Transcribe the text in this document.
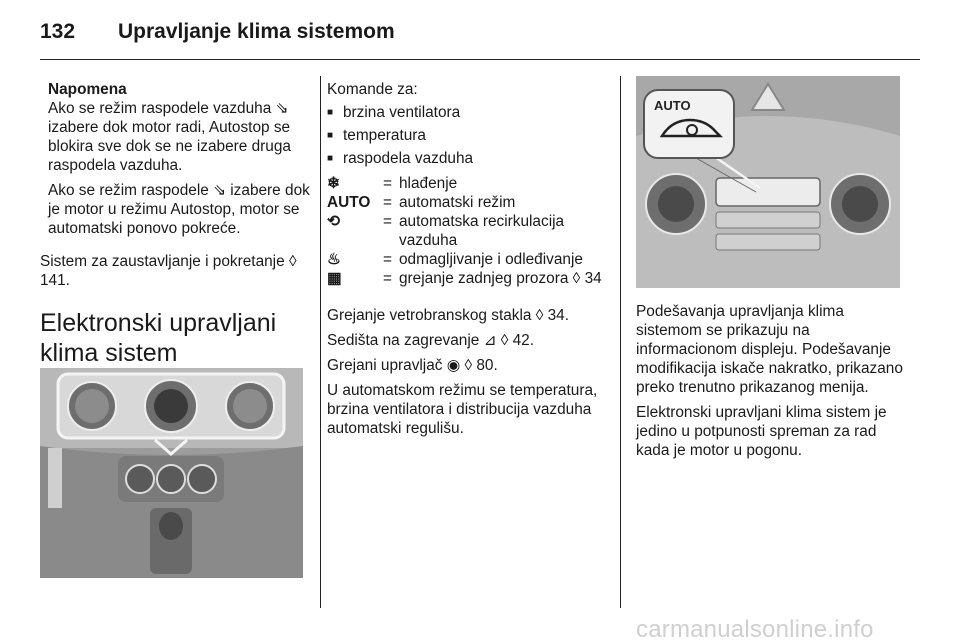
132 Upravljanje klima sistemom
Napomena

Ako se režim raspodele vazduha ⇘ izabere dok motor radi, Autostop se blokira sve dok se ne izabere druga raspodela vazduha.

Ako se režim raspodele ⇘ izabere dok je motor u režimu Autostop, motor se automatski ponovo pokreće.

Sistem za zaustavljanje i pokretanje ◊ 141.
Elektronski upravljani klima sistem
Komande za:
■ brzina ventilatora
■ temperatura
■ raspodela vazduha
❄	= hlađenje
AUTO = automatski režim
⟲	= automatska recirkulacija vazduha
♨	= odmagljivanje i odleđivanje
▦	= grejanje zadnjeg prozora ◊ 34

Grejanje vetrobranskog stakla ◊ 34.

Sedišta na zagrevanje ⊿ ◊ 42.

Grejani upravljač ◉ ◊ 80.

U automatskom režimu se temperatura, brzina ventilatora i distribucija vazduha automatski regulišu.

AUTO

Podešavanja upravljanja klima sistemom se prikazuju na informacionom displeju. Podešavanje modifikacija iskače nakratko, prikazano preko trenutno prikazanog menija.

Elektronski upravljani klima sistem je jedino u potpunosti spreman za rad kada je motor u pogonu.

carmanualsonline.info
